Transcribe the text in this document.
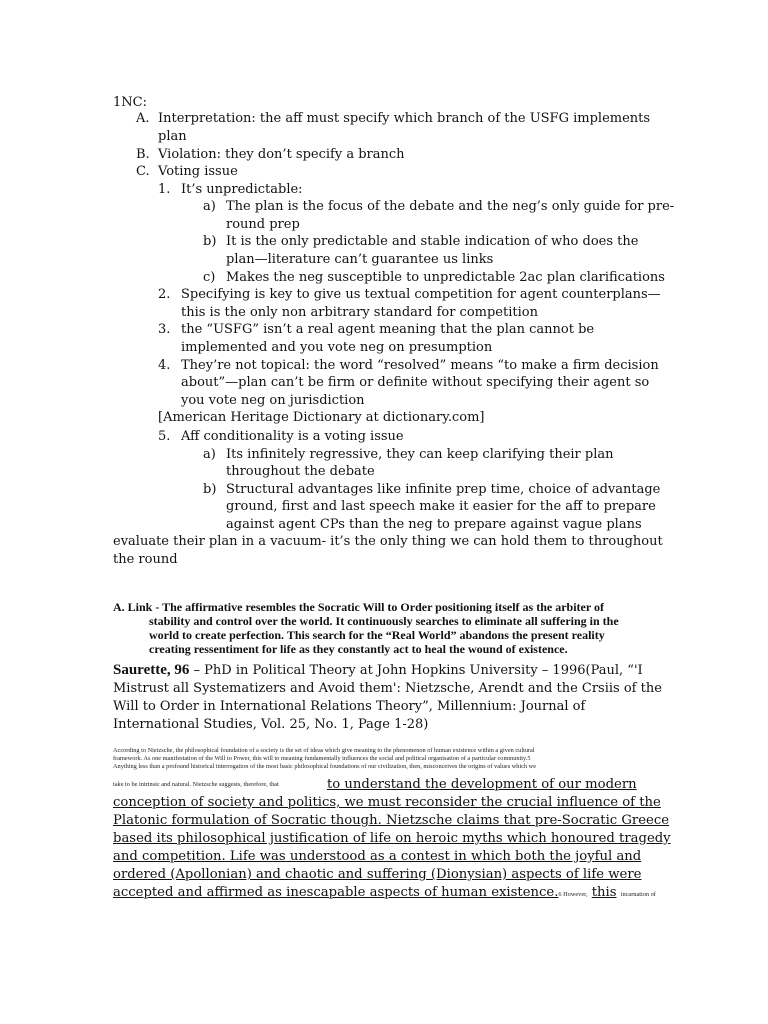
1NC:
A. Interpretation: the aff must specify which branch of the USFG implements
plan
B. Violation: they don’t specify a branch
C. Voting issue
1. It’s unpredictable:
a) The plan is the focus of the debate and the neg’s only guide for pre-
round prep
b) It is the only predictable and stable indication of who does the
plan—literature can’t guarantee us links
c) Makes the neg susceptible to unpredictable 2ac plan clarifications
2. Specifying is key to give us textual competition for agent counterplans—
this is the only non arbitrary standard for competition
3. the “USFG” isn’t a real agent meaning that the plan cannot be
implemented and you vote neg on presumption
4. They’re not topical: the word “resolved” means “to make a firm decision
about”—plan can’t be firm or definite without specifying their agent so
you vote neg on jurisdiction
[American Heritage Dictionary at dictionary.com]
5. Aff conditionality is a voting issue
a) Its infinitely regressive, they can keep clarifying their plan
throughout the debate
b) Structural advantages like infinite prep time, choice of advantage
ground, first and last speech make it easier for the aff to prepare
against agent CPs than the neg to prepare against vague plans
evaluate their plan in a vacuum- it’s the only thing we can hold them to throughout
the round
A. Link - The affirmative resembles the Socratic Will to Order positioning itself as the arbiter of
stability and control over the world. It continuously searches to eliminate all suffering in the
world to create perfection. This search for the “Real World” abandons the present reality
creating ressentiment for life as they constantly act to heal the wound of existence.
Saurette, 96 – PhD in Political Theory at John Hopkins University – 1996(Paul, “'I
Mistrust all Systematizers and Avoid them': Nietzsche, Arendt and the Crsiis of the
Will to Order in International Relations Theory”, Millennium: Journal of
International Studies, Vol. 25, No. 1, Page 1-28)
According to Nietzsche, the philosophical foundation of a society is the set of ideas which give meaning to the phenomenon of human existence within a given cultural
framework. As one manifestation of the Will to Power, this will to meaning fundamentally influences the social and political organisation of a particular community.5
Anything less than a profound historical interrogation of the most basic philosophical foundations of our civilization, then, misconceives the origins of values which we
take to be intrinsic and natural. Nietzsche suggests, therefore, that	to understand the development of our modern
conception of society and politics, we must reconsider the crucial influence of the
Platonic formulation of Socratic though. Nietzsche claims that pre-Socratic Greece
based its philosophical justification of life on heroic myths which honoured tragedy
and competition. Life was understood as a contest in which both the joyful and
ordered (Apollonian) and chaotic and suffering (Dionysian) aspects of life were
accepted and affirmed as inescapable aspects of human existence.6 However, this incarnation of
